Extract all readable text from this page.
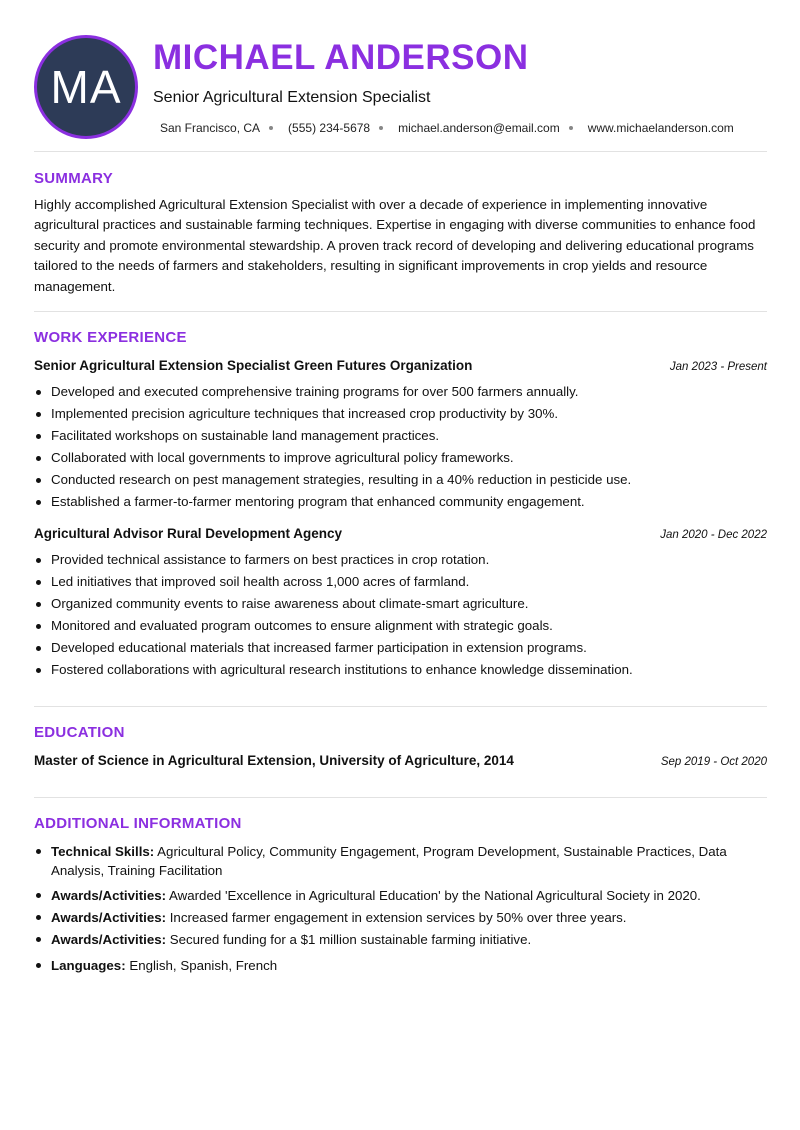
MA
MICHAEL ANDERSON
Senior Agricultural Extension Specialist
San Francisco, CA (555) 234-5678 michael.anderson@email.com www.michaelanderson.com
SUMMARY
Highly accomplished Agricultural Extension Specialist with over a decade of experience in implementing innovative agricultural practices and sustainable farming techniques. Expertise in engaging with diverse communities to enhance food security and promote environmental stewardship. A proven track record of developing and delivering educational programs tailored to the needs of farmers and stakeholders, resulting in significant improvements in crop yields and resource management.
WORK EXPERIENCE
Senior Agricultural Extension Specialist Green Futures Organization	Jan 2023 - Present
Developed and executed comprehensive training programs for over 500 farmers annually.
Implemented precision agriculture techniques that increased crop productivity by 30%.
Facilitated workshops on sustainable land management practices.
Collaborated with local governments to improve agricultural policy frameworks.
Conducted research on pest management strategies, resulting in a 40% reduction in pesticide use.
Established a farmer-to-farmer mentoring program that enhanced community engagement.
Agricultural Advisor Rural Development Agency	Jan 2020 - Dec 2022
Provided technical assistance to farmers on best practices in crop rotation.
Led initiatives that improved soil health across 1,000 acres of farmland.
Organized community events to raise awareness about climate-smart agriculture.
Monitored and evaluated program outcomes to ensure alignment with strategic goals.
Developed educational materials that increased farmer participation in extension programs.
Fostered collaborations with agricultural research institutions to enhance knowledge dissemination.
EDUCATION
Master of Science in Agricultural Extension, University of Agriculture, 2014	Sep 2019 - Oct 2020
ADDITIONAL INFORMATION
Technical Skills: Agricultural Policy, Community Engagement, Program Development, Sustainable Practices, Data Analysis, Training Facilitation
Awards/Activities: Awarded 'Excellence in Agricultural Education' by the National Agricultural Society in 2020.
Awards/Activities: Increased farmer engagement in extension services by 50% over three years.
Awards/Activities: Secured funding for a $1 million sustainable farming initiative.
Languages: English, Spanish, French
